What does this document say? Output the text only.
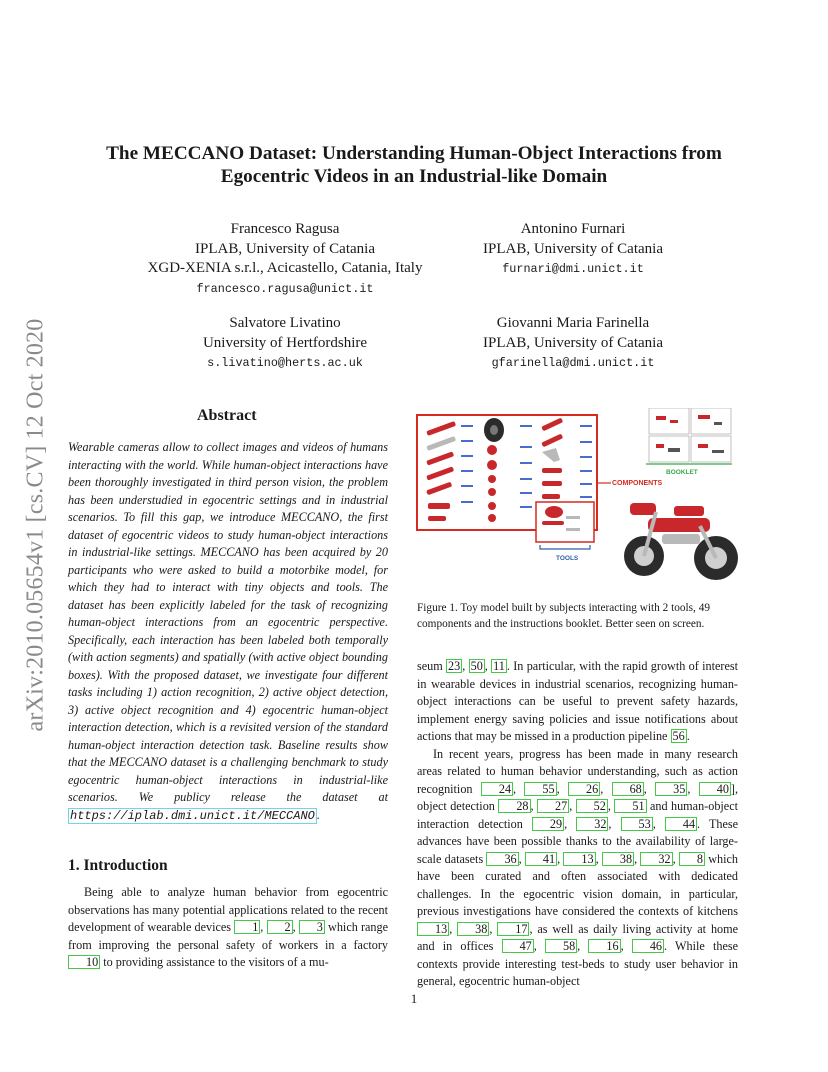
arXiv:2010.05654v1 [cs.CV] 12 Oct 2020
The MECCANO Dataset: Understanding Human-Object Interactions from
Egocentric Videos in an Industrial-like Domain
Francesco Ragusa
IPLAB, University of Catania
XGD-XENIA s.r.l., Acicastello, Catania, Italy
francesco.ragusa@unict.it
Antonino Furnari
IPLAB, University of Catania
furnari@dmi.unict.it
Salvatore Livatino
University of Hertfordshire
s.livatino@herts.ac.uk
Giovanni Maria Farinella
IPLAB, University of Catania
gfarinella@dmi.unict.it
Abstract
Wearable cameras allow to collect images and videos of humans interacting with the world. While human-object interactions have been thoroughly investigated in third person vision, the problem has been understudied in egocentric settings and in industrial scenarios. To fill this gap, we introduce MECCANO, the first dataset of egocentric videos to study human-object interactions in industrial-like settings. MECCANO has been acquired by 20 participants who were asked to build a motorbike model, for which they had to interact with tiny objects and tools. The dataset has been explicitly labeled for the task of recognizing human-object interactions from an egocentric perspective. Specifically, each interaction has been labeled both temporally (with action segments) and spatially (with active object bounding boxes). With the proposed dataset, we investigate four different tasks including 1) action recognition, 2) active object detection, 3) active object recognition and 4) egocentric human-object interaction detection, which is a revisited version of the standard human-object interaction detection task. Baseline results show that the MECCANO dataset is a challenging benchmark to study egocentric human-object interactions in industrial-like scenarios. We publicy release the dataset at https://iplab.dmi.unict.it/MECCANO .
1. Introduction

Being able to analyze human behavior from egocentric observations has many potential applications related to the recent development of wearable devices 1 , 2 , 3 which range from improving the personal safety of workers in a factory 10 to providing assistance to the visitors of a mu-

TOOLS
COMPONENTS
BOOKLET
Figure 1. Toy model built by subjects interacting with 2 tools, 49 components and the instructions booklet. Better seen on screen.

seum 23 , 50 , 11 . In particular, with the rapid growth of interest in wearable devices in industrial scenarios, recognizing human-object interactions can be useful to prevent safety hazards, implement energy saving policies and issue notifications about actions that may be missed in a production pipeline 56 .

In recent years, progress has been made in many research areas related to human behavior understanding, such as action recognition 24 , 55 , 26 , 68 , 35 , 40 ], object detection 28 , 27 , 52 , 51 and human-object interaction detection 29 , 32 , 53 , 44 . These advances have been possible thanks to the availability of large-scale datasets 36 , 41 , 13 , 38 , 32 , 8 which have been curated and often associated with dedicated challenges. In the egocentric vision domain, in particular, previous investigations have considered the contexts of kitchens 13 , 38 , 17 , as well as daily living activity at home and in offices 47 , 58 , 16 , 46 . While these contexts provide interesting test-beds to study user behavior in general, egocentric human-object

1
